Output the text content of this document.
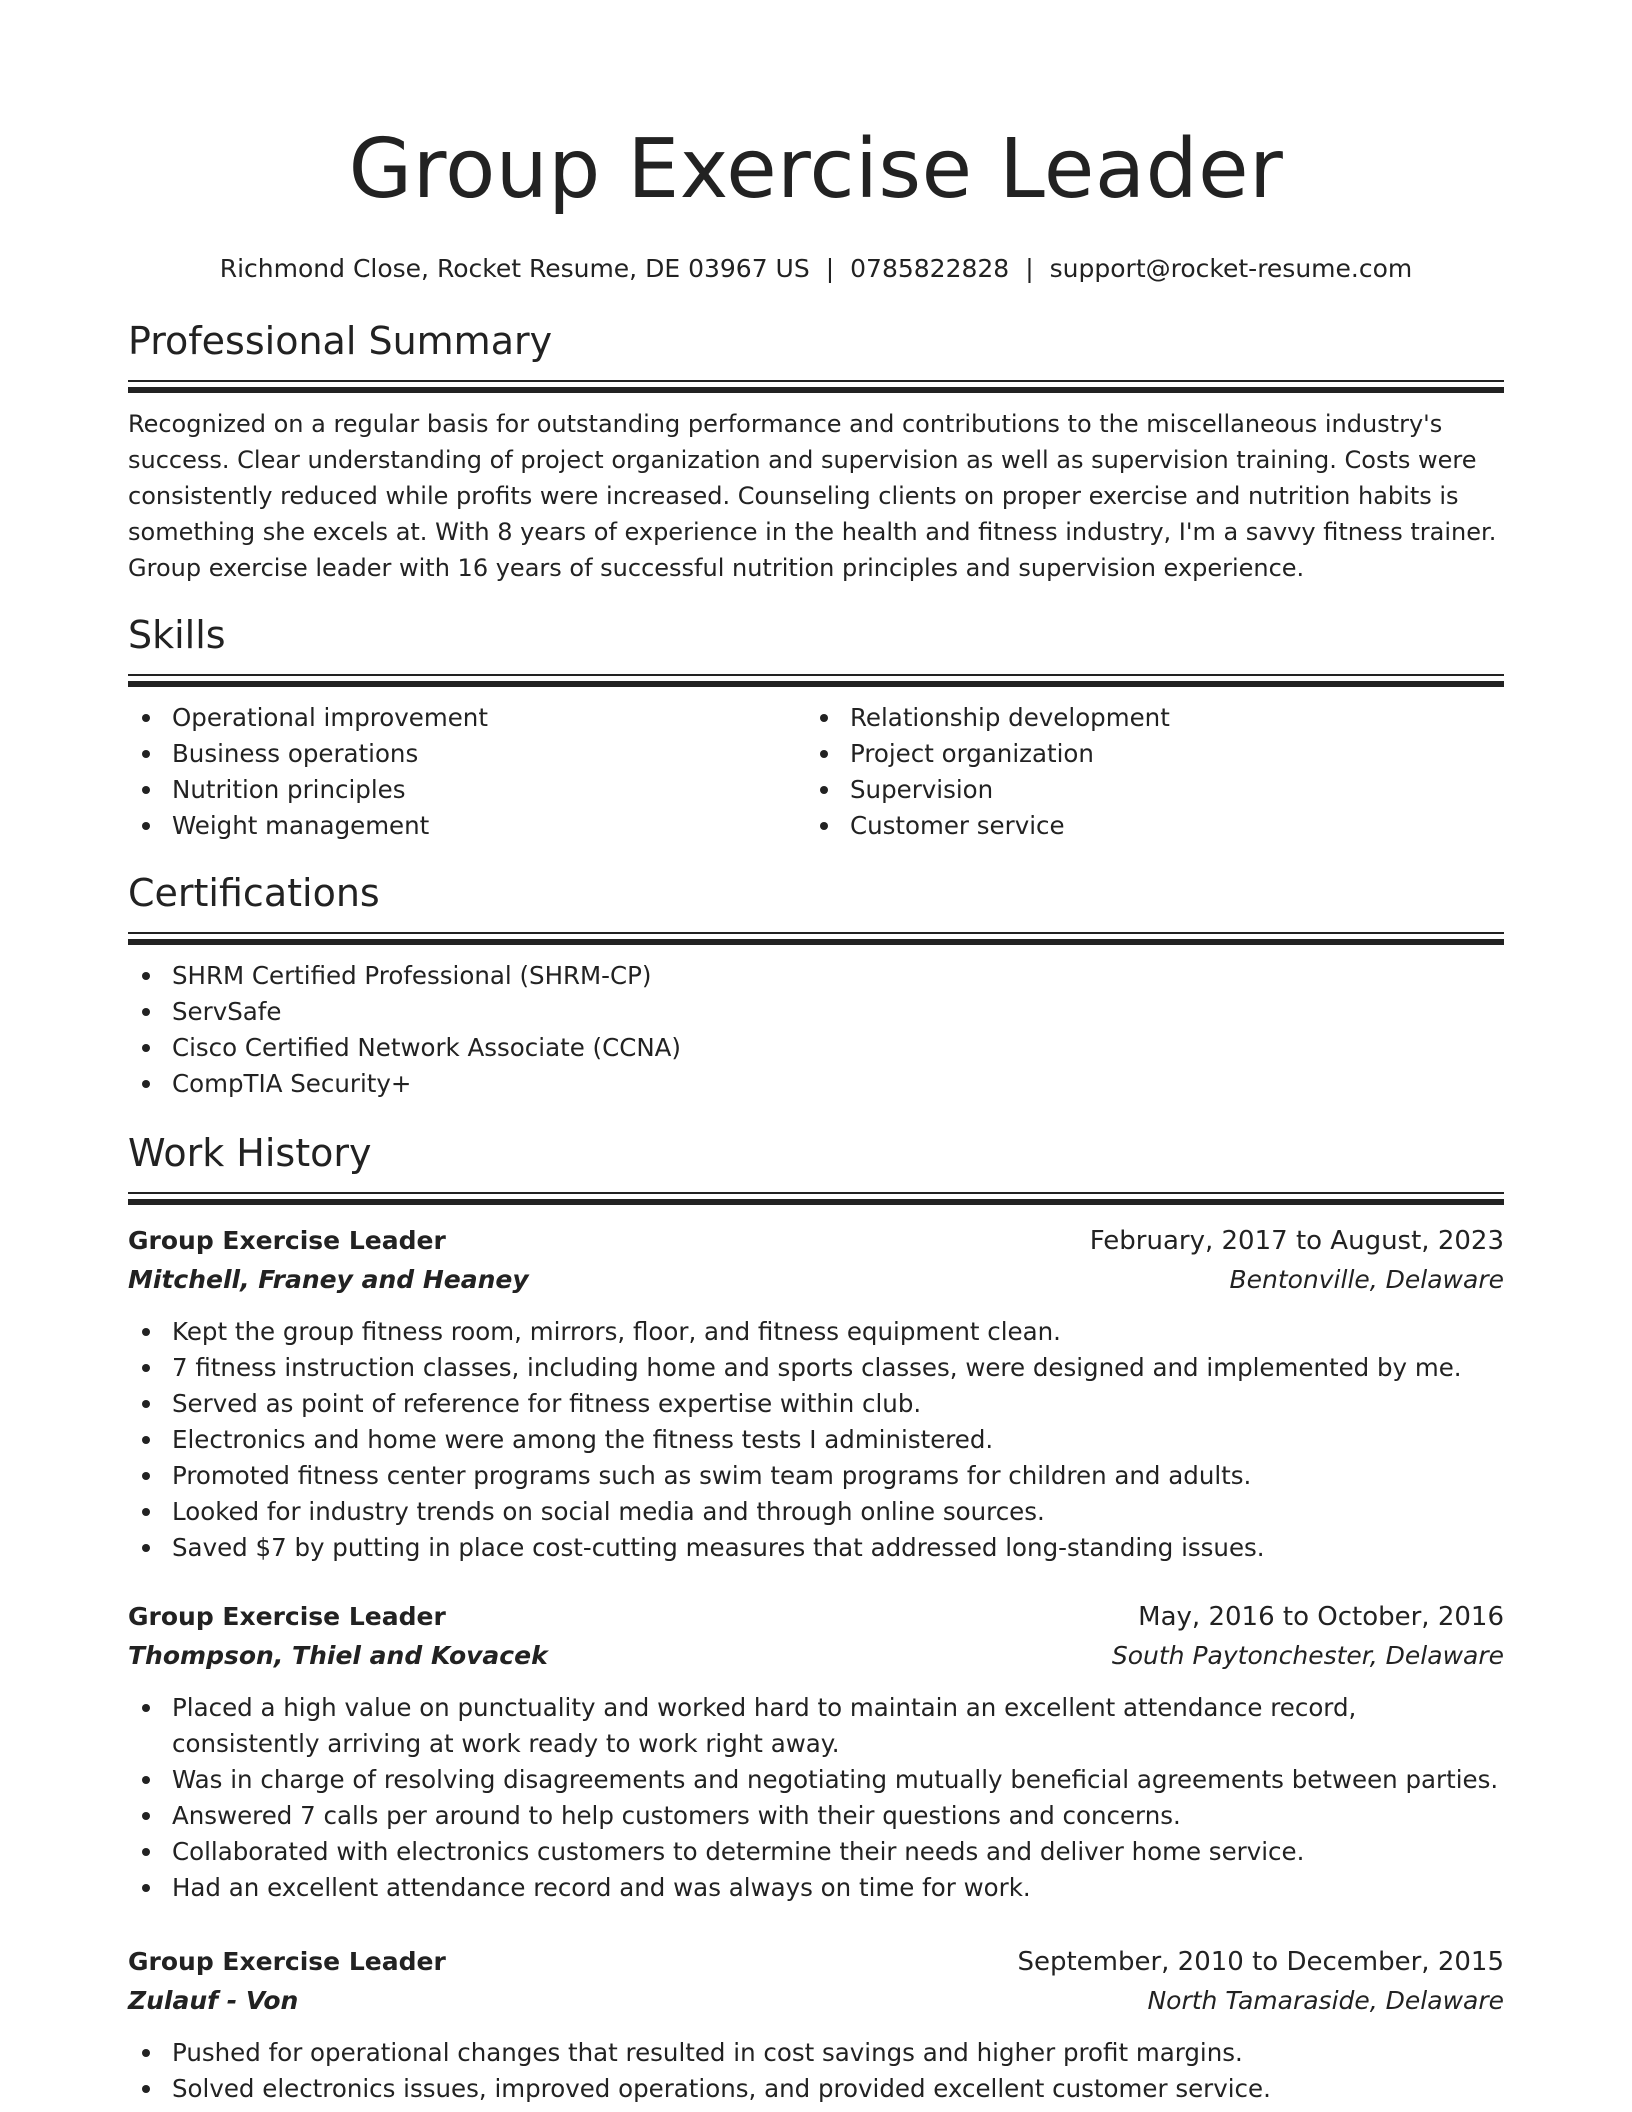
Group Exercise Leader
Richmond Close, Rocket Resume, DE 03967 US | 0785822828 | support@rocket-resume.com
Professional Summary
Recognized on a regular basis for outstanding performance and contributions to the miscellaneous industry's success. Clear understanding of project organization and supervision as well as supervision training. Costs were consistently reduced while profits were increased. Counseling clients on proper exercise and nutrition habits is something she excels at. With 8 years of experience in the health and fitness industry, I'm a savvy fitness trainer. Group exercise leader with 16 years of successful nutrition principles and supervision experience.
Skills
Operational improvement
Business operations
Nutrition principles
Weight management
Relationship development
Project organization
Supervision
Customer service
Certifications
SHRM Certified Professional (SHRM-CP)
ServSafe
Cisco Certified Network Associate (CCNA)
CompTIA Security+
Work History
Group Exercise Leader	February, 2017 to August, 2023
Mitchell, Franey and Heaney	Bentonville, Delaware
Kept the group fitness room, mirrors, floor, and fitness equipment clean.
7 fitness instruction classes, including home and sports classes, were designed and implemented by me.
Served as point of reference for fitness expertise within club.
Electronics and home were among the fitness tests I administered.
Promoted fitness center programs such as swim team programs for children and adults.
Looked for industry trends on social media and through online sources.
Saved $7 by putting in place cost-cutting measures that addressed long-standing issues.
Group Exercise Leader	May, 2016 to October, 2016
Thompson, Thiel and Kovacek	South Paytonchester, Delaware
Placed a high value on punctuality and worked hard to maintain an excellent attendance record, consistently arriving at work ready to work right away.
Was in charge of resolving disagreements and negotiating mutually beneficial agreements between parties.
Answered 7 calls per around to help customers with their questions and concerns.
Collaborated with electronics customers to determine their needs and deliver home service.
Had an excellent attendance record and was always on time for work.
Group Exercise Leader	September, 2010 to December, 2015
Zulauf - Von	North Tamaraside, Delaware
Pushed for operational changes that resulted in cost savings and higher profit margins.
Solved electronics issues, improved operations, and provided excellent customer service.
